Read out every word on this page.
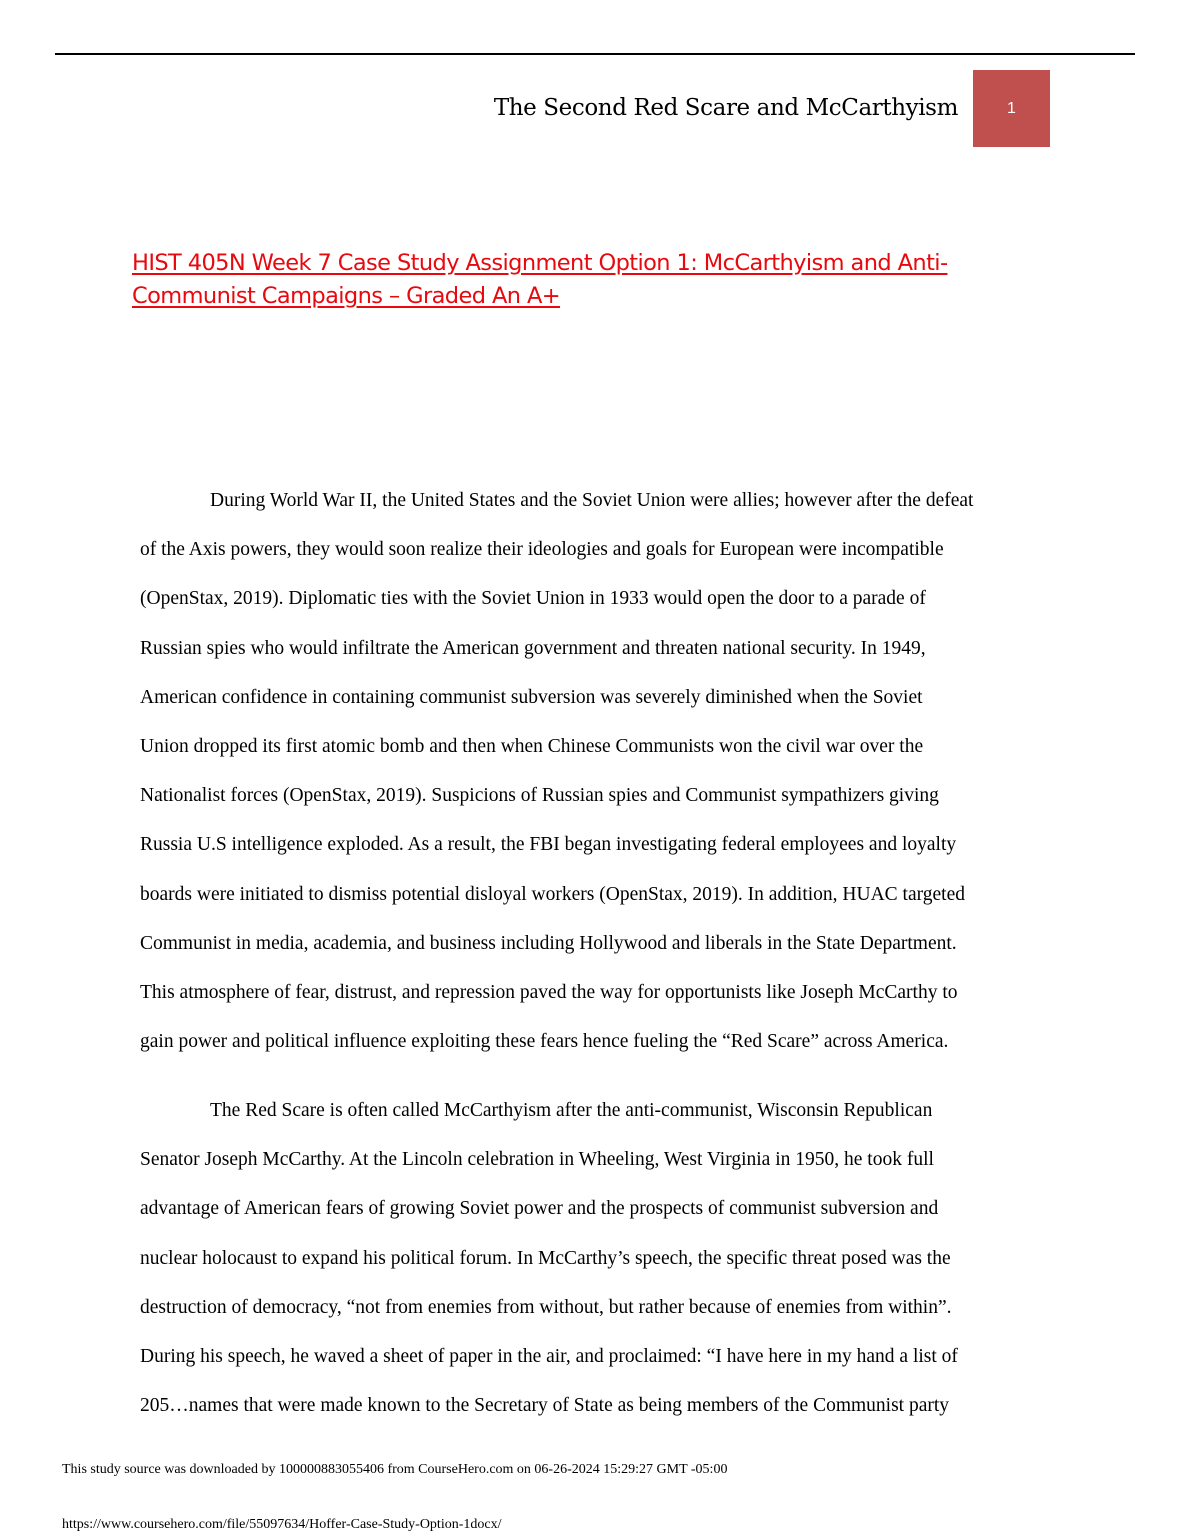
The Second Red Scare and McCarthyism	1
HIST 405N Week 7 Case Study Assignment Option 1: McCarthyism and Anti-
Communist Campaigns – Graded An A+
During World War II, the United States and the Soviet Union were allies; however after the defeat
of the Axis powers, they would soon realize their ideologies and goals for European were incompatible
(OpenStax, 2019). Diplomatic ties with the Soviet Union in 1933 would open the door to a parade of
Russian spies who would infiltrate the American government and threaten national security. In 1949,
American confidence in containing communist subversion was severely diminished when the Soviet
Union dropped its first atomic bomb and then when Chinese Communists won the civil war over the
Nationalist forces (OpenStax, 2019). Suspicions of Russian spies and Communist sympathizers giving
Russia U.S intelligence exploded. As a result, the FBI began investigating federal employees and loyalty
boards were initiated to dismiss potential disloyal workers (OpenStax, 2019). In addition, HUAC targeted
Communist in media, academia, and business including Hollywood and liberals in the State Department.
This atmosphere of fear, distrust, and repression paved the way for opportunists like Joseph McCarthy to
gain power and political influence exploiting these fears hence fueling the “Red Scare” across America.
The Red Scare is often called McCarthyism after the anti-communist, Wisconsin Republican
Senator Joseph McCarthy. At the Lincoln celebration in Wheeling, West Virginia in 1950, he took full
advantage of American fears of growing Soviet power and the prospects of communist subversion and
nuclear holocaust to expand his political forum. In McCarthy’s speech, the specific threat posed was the
destruction of democracy, “not from enemies from without, but rather because of enemies from within”.
During his speech, he waved a sheet of paper in the air, and proclaimed: “I have here in my hand a list of
205…names that were made known to the Secretary of State as being members of the Communist party
This study source was downloaded by 100000883055406 from CourseHero.com on 06-26-2024 15:29:27 GMT -05:00
https://www.coursehero.com/file/55097634/Hoffer-Case-Study-Option-1docx/
